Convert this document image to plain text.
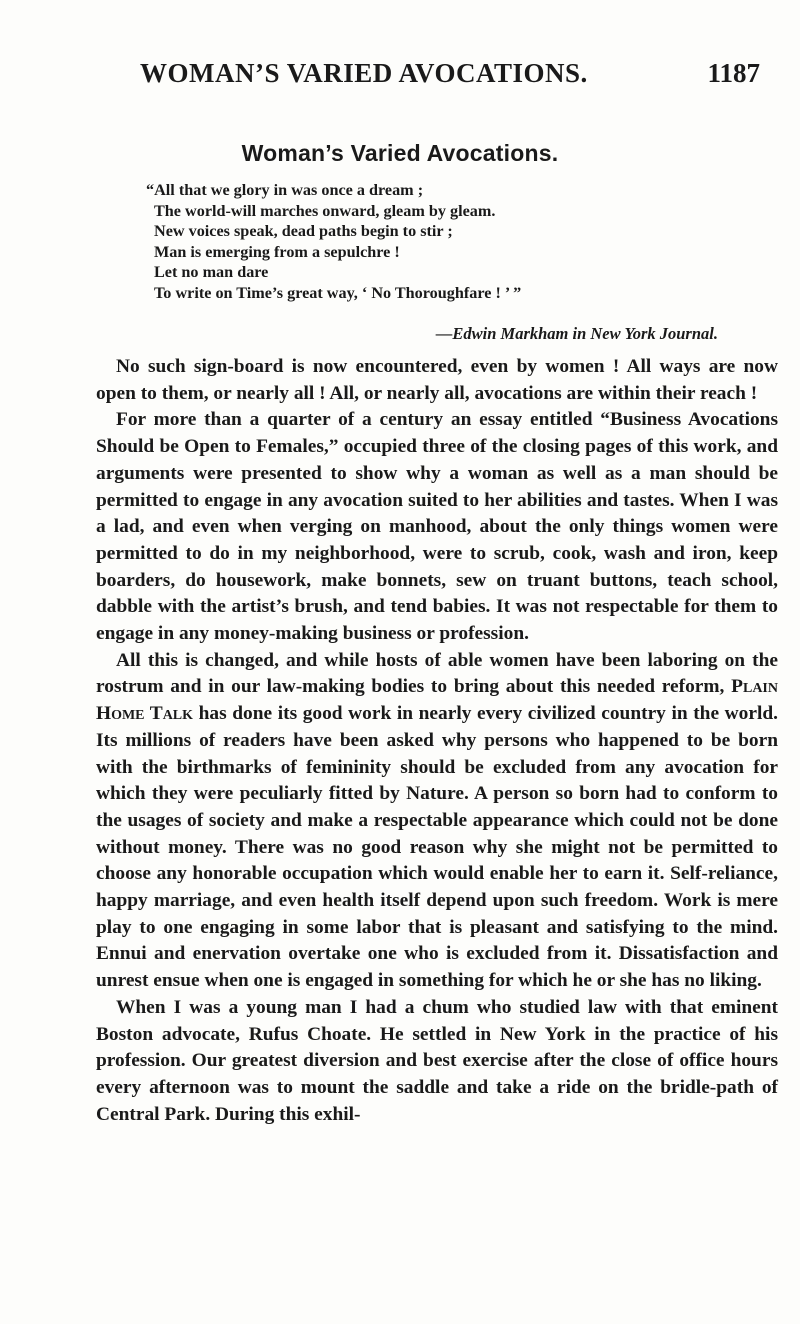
WOMAN’S VARIED AVOCATIONS.	1187
Woman’s Varied Avocations.
“All that we glory in was once a dream ;
The world-will marches onward, gleam by gleam.
New voices speak, dead paths begin to stir ;
Man is emerging from a sepulchre !
Let no man dare
To write on Time’s great way, ‘ No Thoroughfare ! ’ ”
—Edwin Markham in New York Journal.

No such sign-board is now encountered, even by women ! All ways are now open to them, or nearly all ! All, or nearly all, avocations are within their reach !

For more than a quarter of a century an essay entitled “Business Avocations Should be Open to Females,” occupied three of the closing pages of this work, and arguments were presented to show why a woman as well as a man should be permitted to engage in any avocation suited to her abilities and tastes. When I was a lad, and even when verging on manhood, about the only things women were permitted to do in my neighborhood, were to scrub, cook, wash and iron, keep boarders, do housework, make bonnets, sew on truant buttons, teach school, dabble with the artist’s brush, and tend babies. It was not respectable for them to engage in any money-making business or profession.

All this is changed, and while hosts of able women have been laboring on the rostrum and in our law-making bodies to bring about this needed reform, Plain Home Talk has done its good work in nearly every civilized country in the world. Its millions of readers have been asked why persons who happened to be born with the birthmarks of femininity should be excluded from any avocation for which they were peculiarly fitted by Nature. A person so born had to conform to the usages of society and make a respectable appearance which could not be done without money. There was no good reason why she might not be permitted to choose any honorable occupation which would enable her to earn it. Self-reliance, happy marriage, and even health itself depend upon such freedom. Work is mere play to one engaging in some labor that is pleasant and satisfying to the mind. Ennui and enervation overtake one who is excluded from it. Dissatisfaction and unrest ensue when one is engaged in something for which he or she has no liking.

When I was a young man I had a chum who studied law with that eminent Boston advocate, Rufus Choate. He settled in New York in the practice of his profession. Our greatest diversion and best exercise after the close of office hours every afternoon was to mount the saddle and take a ride on the bridle-path of Central Park. During this exhil-
